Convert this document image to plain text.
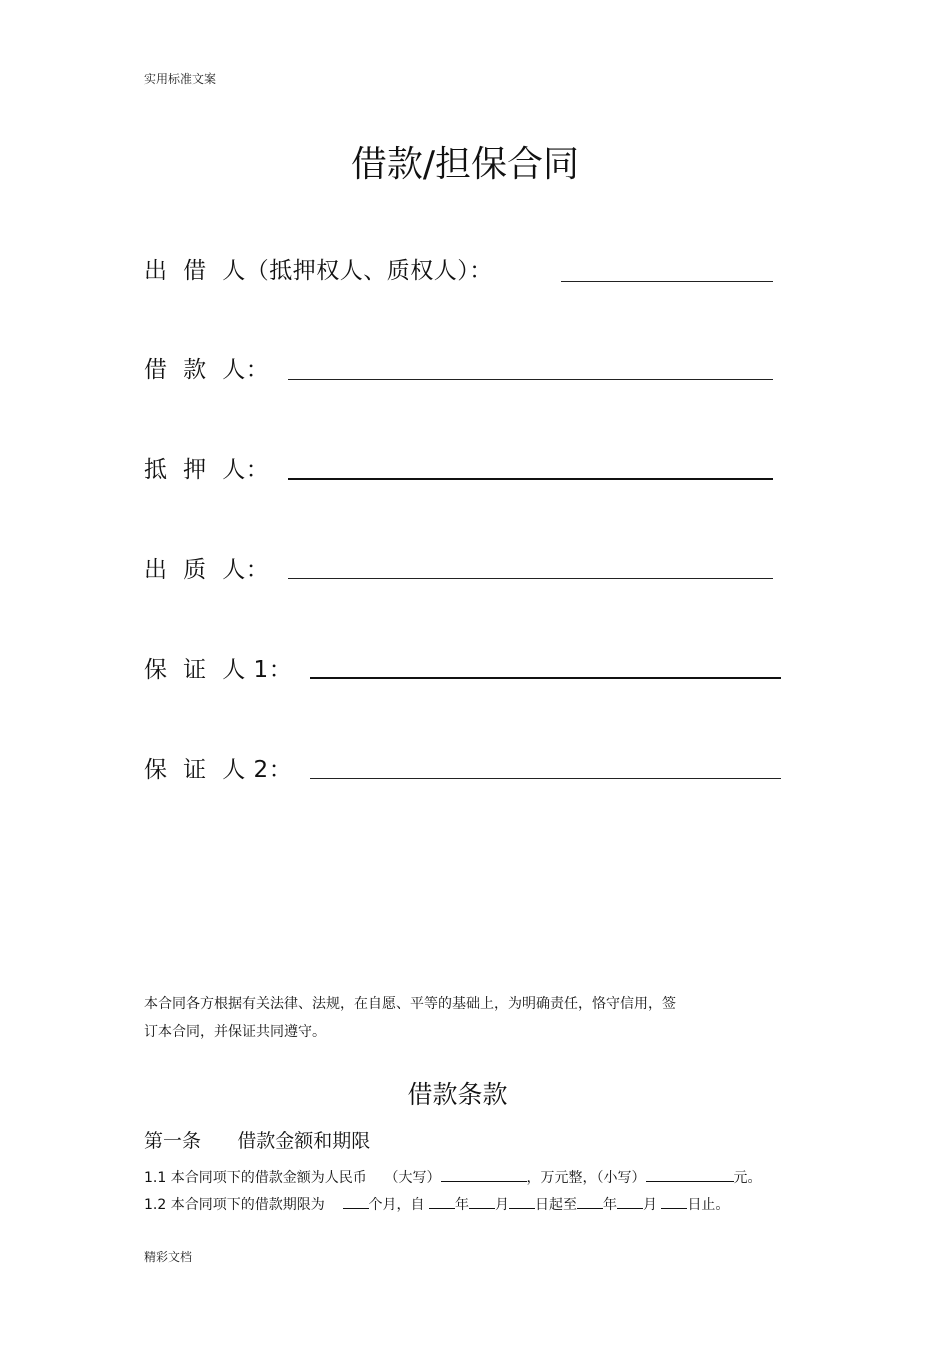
实用标准文案
借款/担保合同
出  借  人（抵押权人、质权人）：
借  款  人：
抵  押  人：
出  质  人：
保  证  人 1：
保  证  人 2：
本合同各方根据有关法律、法规，在自愿、平等的基础上，为明确责任，恪守信用，签
订本合同，并保证共同遵守。
借款条款
第一条 借款金额和期限
1.1 本合同项下的借款金额为人民币 （大写）	，万元整，（小写）	元。
1.2 本合同项下的借款期限为	个月，自 年 月 日起至 年 月 日止。
精彩文档
